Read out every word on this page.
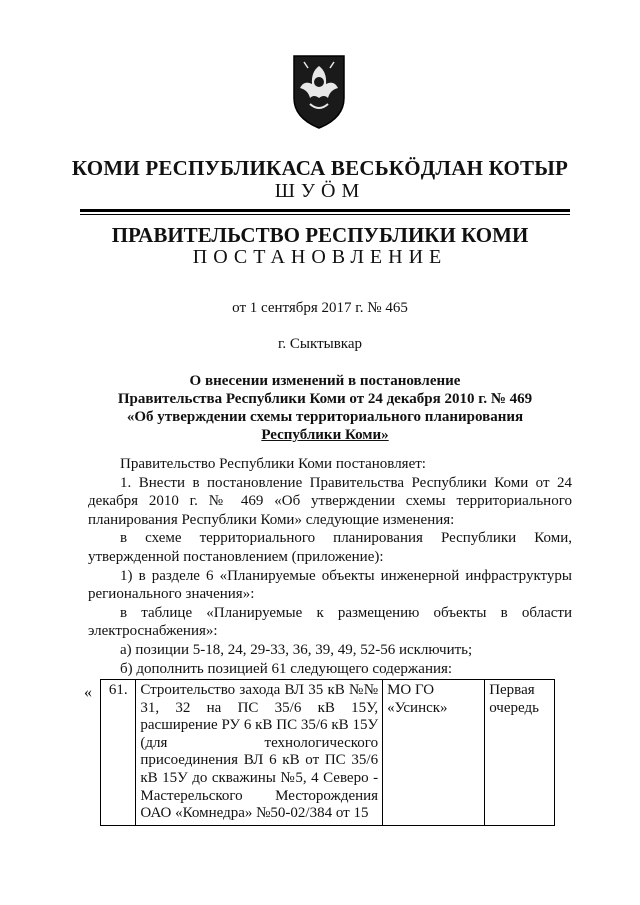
КОМИ РЕСПУБЛИКАСА ВЕСЬКӦДЛАН КОТЫР
ШУÖМ
ПРАВИТЕЛЬСТВО РЕСПУБЛИКИ КОМИ
ПОСТАНОВЛЕНИЕ
от 1 сентября 2017 г. № 465
г. Сыктывкар
О внесении изменений в постановление
Правительства Республики Коми от 24 декабря 2010 г. № 469
«Об утверждении схемы территориального планирования
Республики Коми»

Правительство Республики Коми постановляет:

1. Внести в постановление Правительства Республики Коми от 24 декабря 2010 г. № 469 «Об утверждении схемы территориального планирования Республики Коми» следующие изменения:

в схеме территориального планирования Республики Коми, утвержденной постановлением (приложение):

1) в разделе 6 «Планируемые объекты инженерной инфраструктуры регионального значения»:

в таблице «Планируемые к размещению объекты в области электроснабжения»:

а) позиции 5-18, 24, 29-33, 36, 39, 49, 52-56 исключить;

б) дополнить позицией 61 следующего содержания:

« 61.	Строительство захода ВЛ 35 кВ №№ 31, 32 на ПС 35/6 кВ 15У, расширение РУ 6 кВ ПС 35/6 кВ 15У (для технологического присоединения ВЛ 6 кВ от ПС 35/6 кВ 15У до скважины №5, 4 Северо - Мастерельского Месторождения ОАО «Комнедра» №50-02/384 от 15	МО ГО «Усинск»	Первая очередь
